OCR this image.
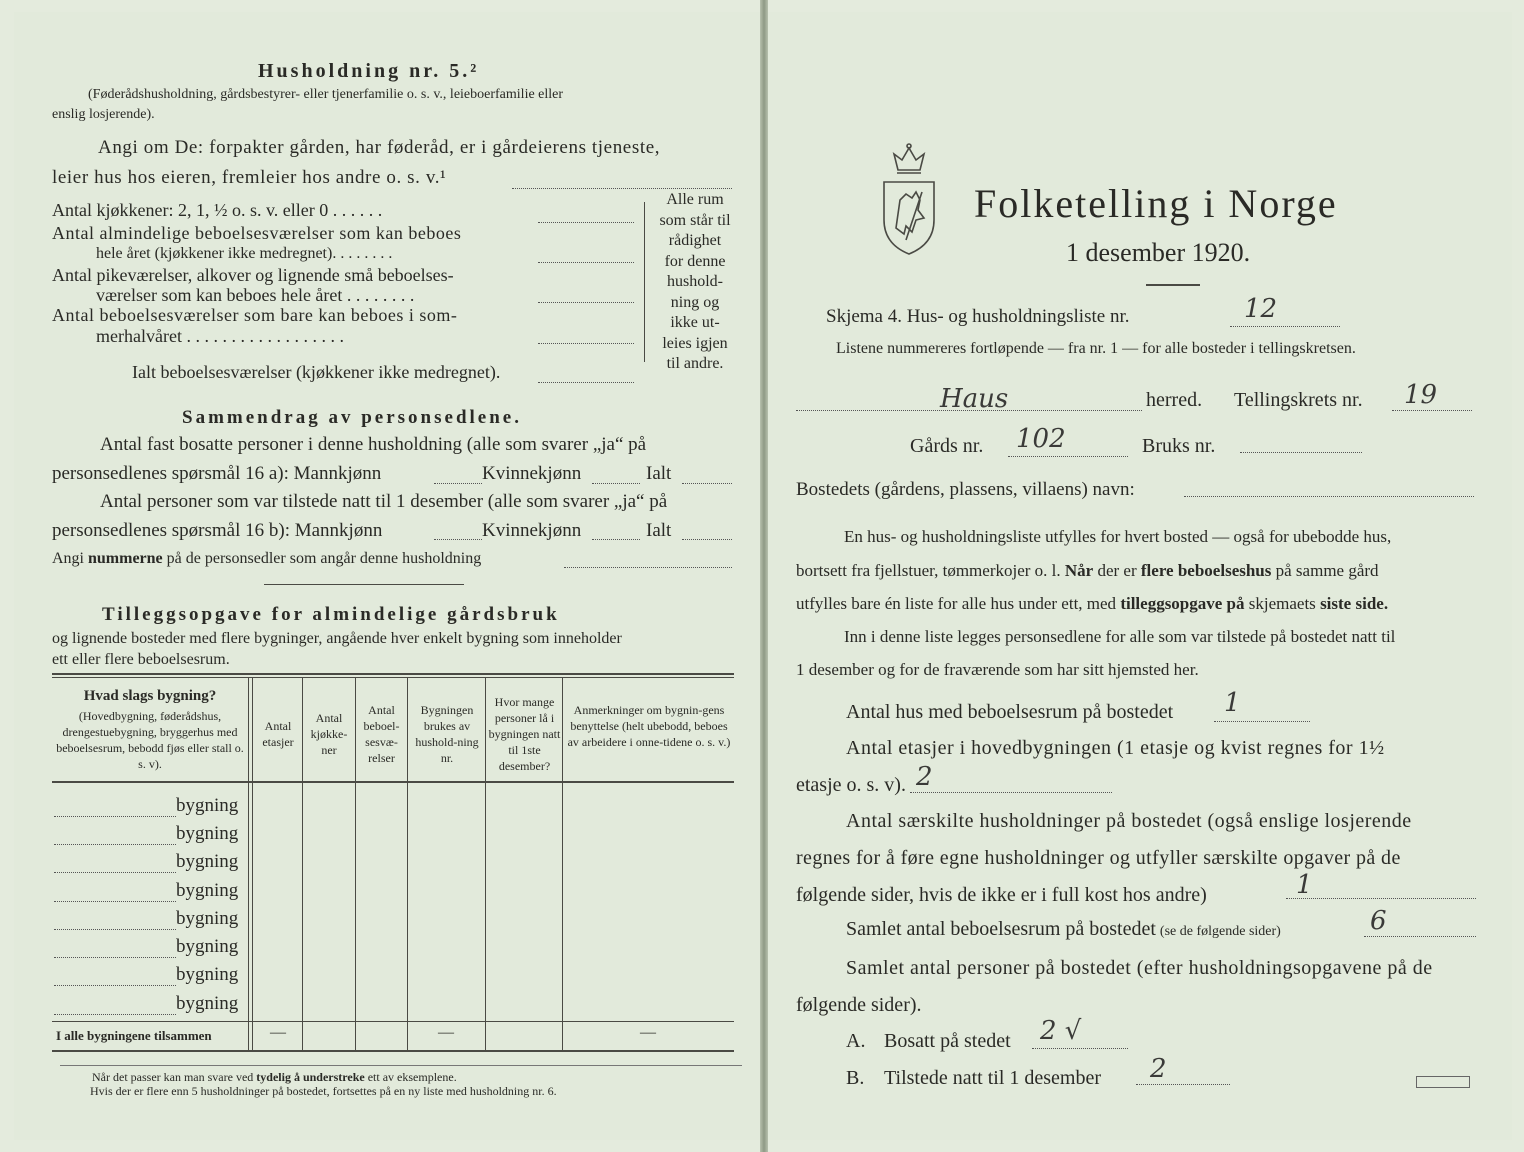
Husholdning nr. 5.²
(Føderådshusholdning, gårdsbestyrer- eller tjenerfamilie o. s. v., leieboerfamilie eller
enslig losjerende).
Angi om De: forpakter gården, har føderåd, er i gårdeierens tjeneste,
leier hus hos eieren, fremleier hos andre o. s. v.¹
Antal kjøkkener: 2, 1, ½ o. s. v. eller 0 . . . . . .
Antal almindelige beboelsesværelser som kan beboes
hele året (kjøkkener ikke medregnet). . . . . . . .
Antal pikeværelser, alkover og lignende små beboelses-
værelser som kan beboes hele året . . . . . . . .
Antal beboelsesværelser som bare kan beboes i som-
merhalvåret . . . . . . . . . . . . . . . . . .
Ialt beboelsesværelser (kjøkkener ikke medregnet).
Alle rum
som står til
rådighet
for denne
hushold-
ning og
ikke ut-
leies igjen
til andre.
Sammendrag av personsedlene.
Antal fast bosatte personer i denne husholdning (alle som svarer „ja“ på
personsedlenes spørsmål 16 a): Mannkjønn	Kvinnekjønn	Ialt
Antal personer som var tilstede natt til 1 desember (alle som svarer „ja“ på
personsedlenes spørsmål 16 b): Mannkjønn	Kvinnekjønn	Ialt
Angi nummerne på de personsedler som angår denne husholdning
Tilleggsopgave for almindelige gårdsbruk
og lignende bosteder med flere bygninger, angående hver enkelt bygning som inneholder
ett eller flere beboelsesrum.
Hvad slags bygning?
(Hovedbygning, føderådshus, drengestuebygning, bryggerhus med beboelsesrum, bebodd fjøs eller stall o. s. v).
Antal etasjer
Antal kjøkke-ner
Antal beboel-sesvæ-relser
Bygningen brukes av hushold-ning nr.
Hvor mange personer lå i bygningen natt til 1ste desember?
Anmerkninger om bygnin-gens benyttelse (helt ubebodd, beboes av arbeidere i onne-tidene o. s. v.)
bygning
bygning
bygning
bygning
bygning
bygning
bygning
bygning
I alle bygningene tilsammen	—	—	—
Når det passer kan man svare ved tydelig å understreke ett av eksemplene.
Hvis der er flere enn 5 husholdninger på bostedet, fortsettes på en ny liste med husholdning nr. 6.
Folketelling i Norge
1 desember 1920.
Skjema 4. Hus- og husholdningsliste nr.	12
Listene nummereres fortløpende — fra nr. 1 — for alle bosteder i tellingskretsen.
Haus	herred. Tellingskrets nr. 19
Gårds nr. 102	Bruks nr.
Bostedets (gårdens, plassens, villaens) navn:
En hus- og husholdningsliste utfylles for hvert bosted — også for ubebodde hus,
bortsett fra fjellstuer, tømmerkojer o. l. Når der er flere beboelseshus på samme gård
utfylles bare én liste for alle hus under ett, med tilleggsopgave på skjemaets siste side.
Inn i denne liste legges personsedlene for alle som var tilstede på bostedet natt til
1 desember og for de fraværende som har sitt hjemsted her.
Antal hus med beboelsesrum på bostedet 1
Antal etasjer i hovedbygningen (1 etasje og kvist regnes for 1½
etasje o. s. v). 2
Antal særskilte husholdninger på bostedet (også enslige losjerende
regnes for å føre egne husholdninger og utfyller særskilte opgaver på de
følgende sider, hvis de ikke er i full kost hos andre)	1
Samlet antal beboelsesrum på bostedet (se de følgende sider)	6
Samlet antal personer på bostedet (efter husholdningsopgavene på de
følgende sider).
A. Bosatt på stedet 2 √
B. Tilstede natt til 1 desember 2
